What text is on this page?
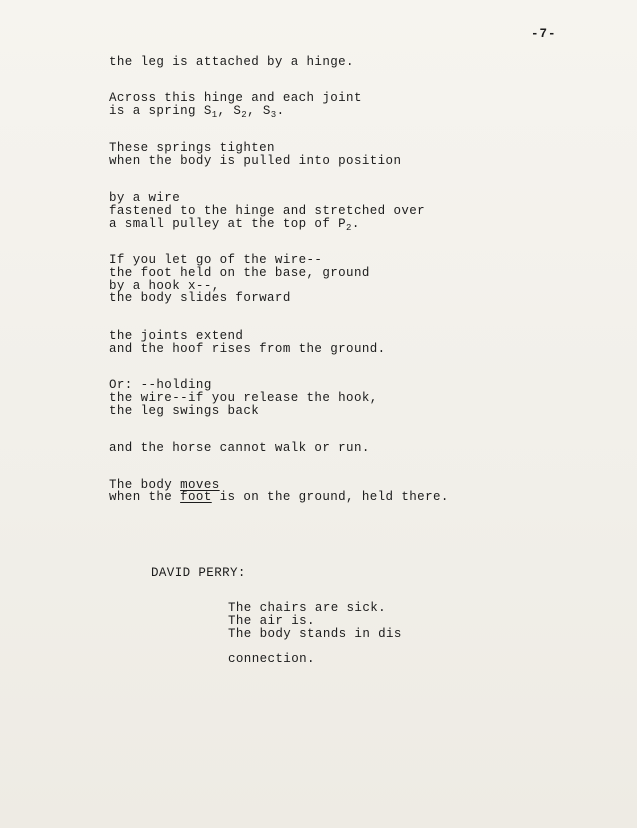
-7-
the leg is attached by a hinge.
Across this hinge and each joint
is a spring $S_1$, $S_2$, $S_3$.
These springs tighten
when the body is pulled into position
by a wire
fastened to the hinge and stretched over
a small pulley at the top of $P_2$.
If you let go of the wire--
the foot held on the base, ground
by a hook x--,
the body slides forward
the joints extend
and the hoof rises from the ground.
Or: --holding
the wire--if you release the hook,
the leg swings back
and the horse cannot walk or run.
The body moves
when the foot is on the ground, held there.
DAVID PERRY:
The chairs are sick.
The air is.
The body stands in dis
connection.
